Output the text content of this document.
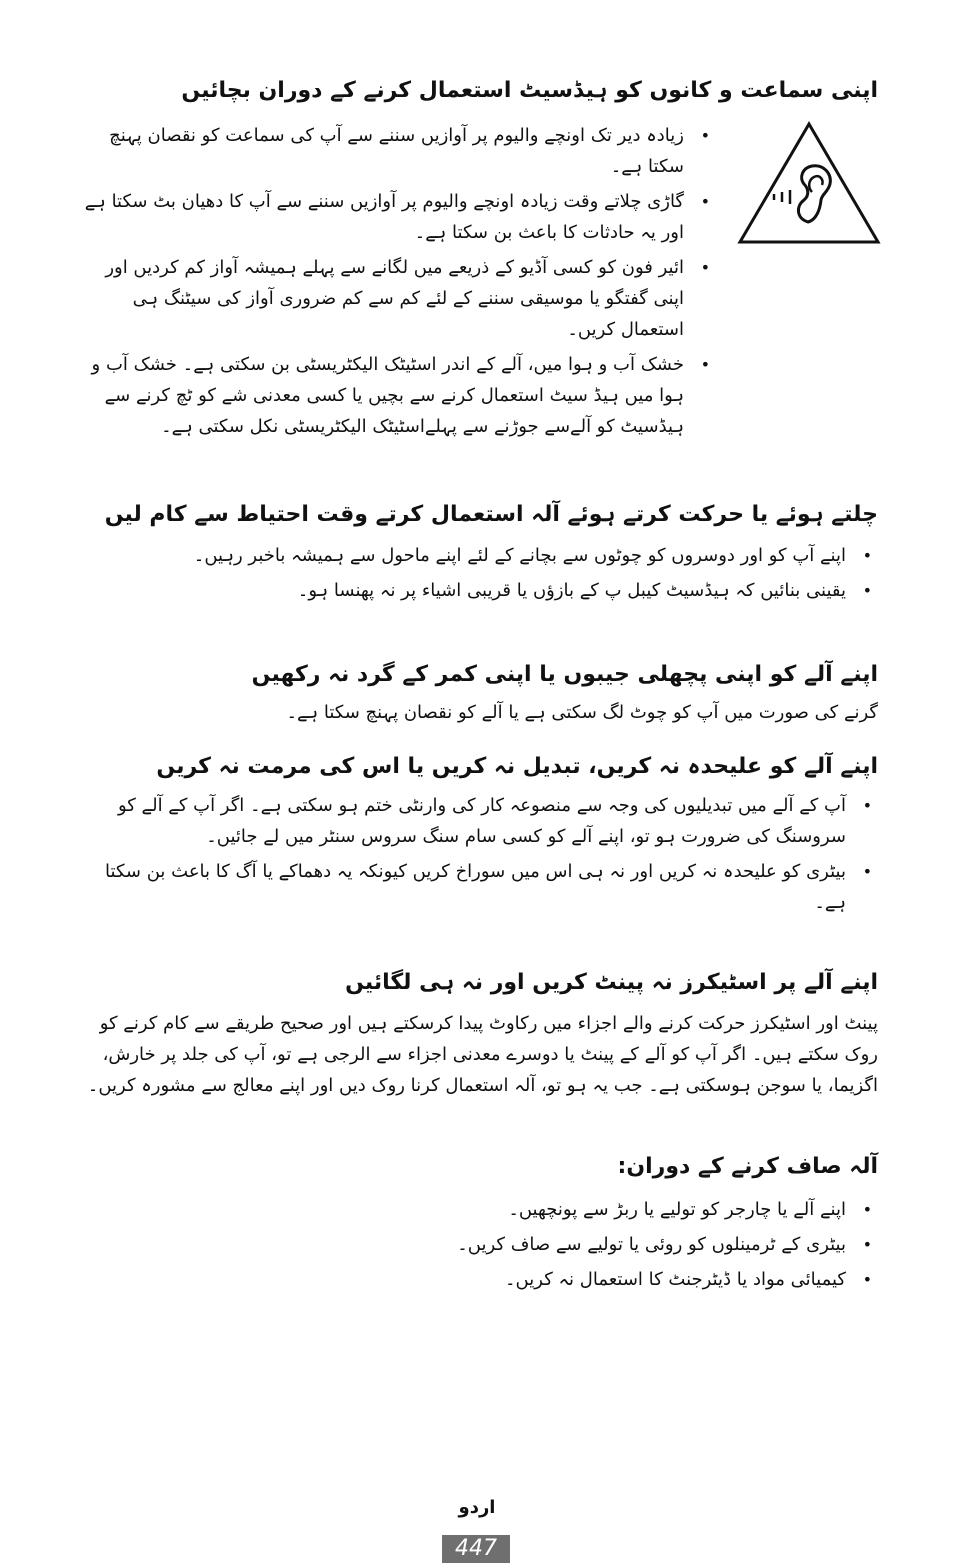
اپنی سماعت و کانوں کو ہیڈسیٹ استعمال کرنے کے دوران بچائیں
• زیادہ دیر تک اونچے والیوم پر آوازیں سننے سے آپ کی سماعت کو نقصان پہنچ سکتا ہے۔
• گاڑی چلاتے وقت زیادہ اونچے والیوم پر آوازیں سننے سے آپ کا دھیان بٹ سکتا ہے اور یہ حادثات کا باعث بن سکتا ہے۔
• ائیر فون کو کسی آڈیو کے ذریعے میں لگانے سے پہلے ہمیشہ آواز کم کردیں اور اپنی گفتگو یا موسیقی سننے کے لئے کم سے کم ضروری آواز کی سیٹنگ ہی استعمال کریں۔
• خشک آب و ہوا میں، آلے کے اندر اسٹیٹک الیکٹریسٹی بن سکتی ہے۔ خشک آب و ہوا میں ہیڈ سیٹ استعمال کرنے سے بچیں یا کسی معدنی شے کو ٹچ کرنے سے ہیڈسیٹ کو آلےسے جوڑنے سے پہلےاسٹیٹک الیکٹریسٹی نکل سکتی ہے۔
چلتے ہوئے یا حرکت کرتے ہوئے آلہ استعمال کرتے وقت احتیاط سے کام لیں
• اپنے آپ کو اور دوسروں کو چوٹوں سے بچانے کے لئے اپنے ماحول سے ہمیشہ باخبر رہیں۔
• یقینی بنائیں کہ ہیڈسیٹ کیبل پ کے بازؤں یا قریبی اشیاء پر نہ پھنسا ہو۔
اپنے آلے کو اپنی پچھلی جیبوں یا اپنی کمر کے گرد نہ رکھیں
گرنے کی صورت میں آپ کو چوٹ لگ سکتی ہے یا آلے کو نقصان پہنچ سکتا ہے۔
اپنے آلے کو علیحدہ نہ کریں، تبدیل نہ کریں یا اس کی مرمت نہ کریں
• آپ کے آلے میں تبدیلیوں کی وجہ سے منصوعہ کار کی وارنٹی ختم ہو سکتی ہے۔ اگر آپ کے آلے کو سروسنگ کی ضرورت ہو تو، اپنے آلے کو کسی سام سنگ سروس سنٹر میں لے جائیں۔
• بیٹری کو علیحدہ نہ کریں اور نہ ہی اس میں سوراخ کریں کیونکہ یہ دھماکے یا آگ کا باعث بن سکتا ہے۔
اپنے آلے پر اسٹیکرز نہ پینٹ کریں اور نہ ہی لگائیں
پینٹ اور اسٹیکرز حرکت کرنے والے اجزاء میں رکاوٹ پیدا کرسکتے ہیں اور صحیح طریقے سے کام کرنے کو روک سکتے ہیں۔ اگر آپ کو آلے کے پینٹ یا دوسرے معدنی اجزاء سے الرجی ہے تو، آپ کی جلد پر خارش، اگزیما، یا سوجن ہوسکتی ہے۔ جب یہ ہو تو، آلہ استعمال کرنا روک دیں اور اپنے معالج سے مشورہ کریں۔
آلہ صاف کرنے کے دوران:
• اپنے آلے یا چارجر کو تولیے یا ربڑ سے پونچھیں۔
• بیٹری کے ٹرمینلوں کو روئی یا تولیے سے صاف کریں۔
• کیمیائی مواد یا ڈیٹرجنٹ کا استعمال نہ کریں۔
اردو
447
